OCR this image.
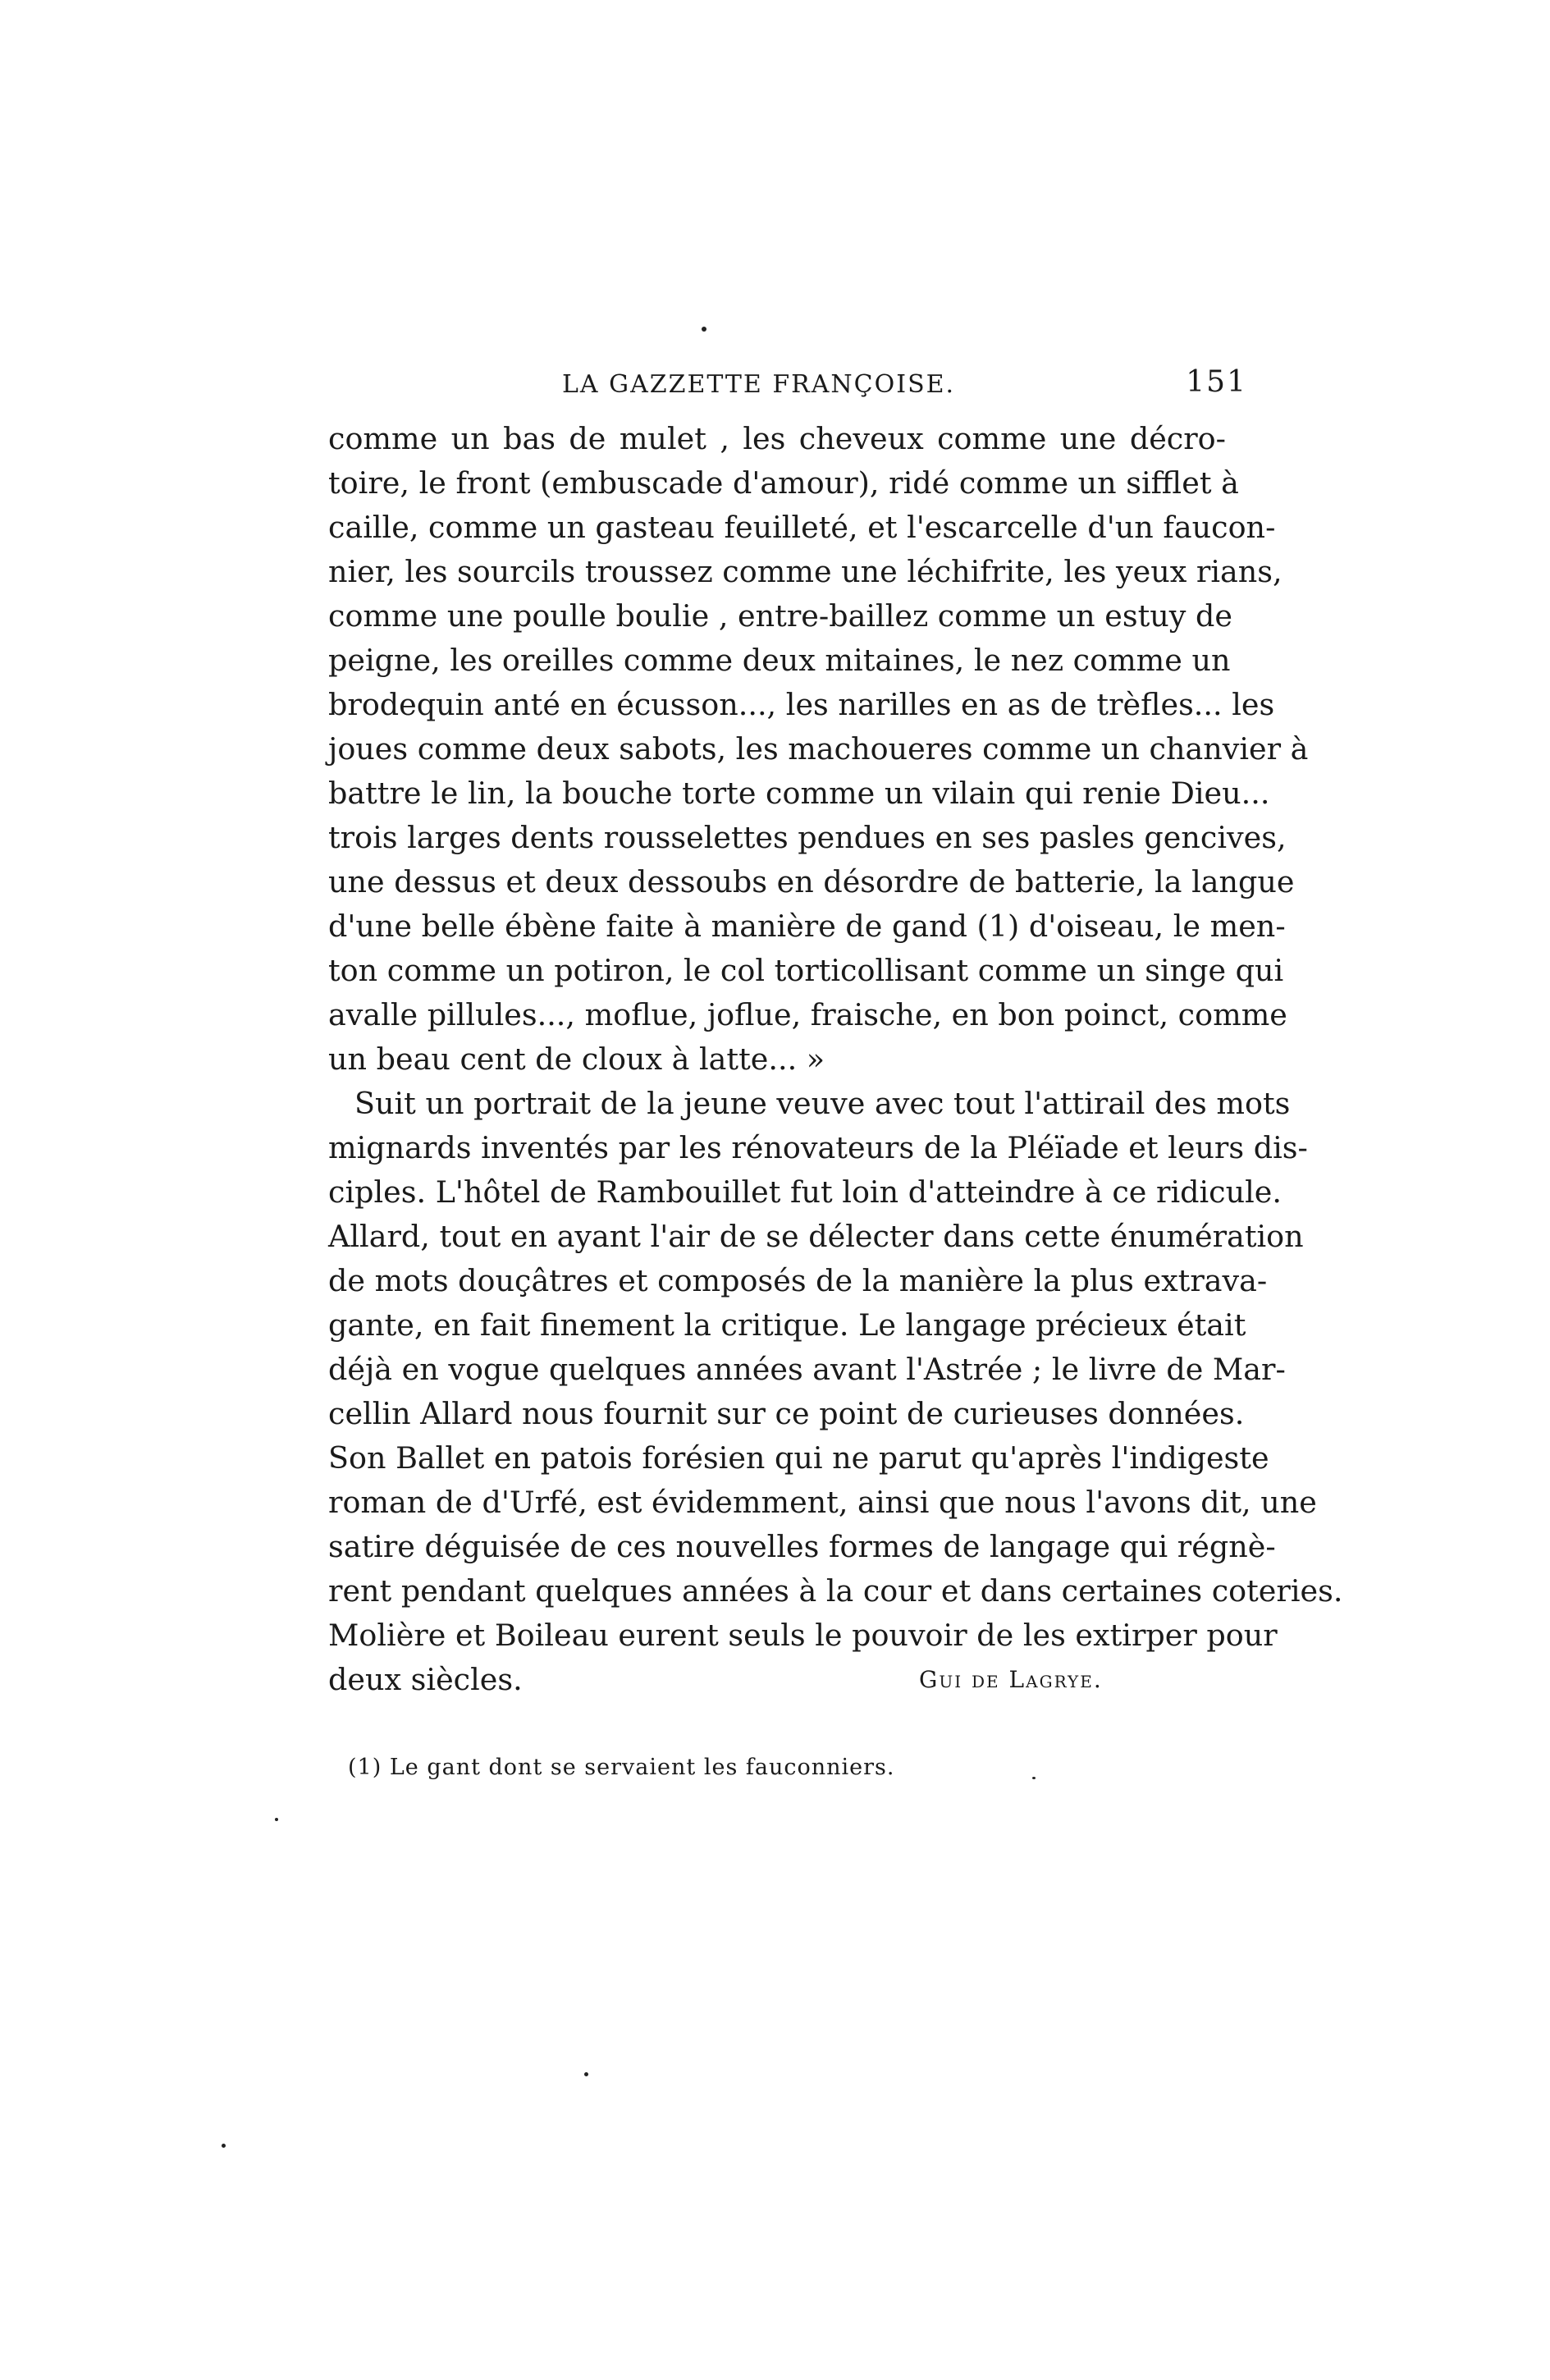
LA GAZZETTE FRANÇOISE.	151
comme un bas de mulet , les cheveux comme une décro-
toire, le front (embuscade d'amour), ridé comme un sifflet à
caille, comme un gasteau feuilleté, et l'escarcelle d'un faucon-
nier, les sourcils troussez comme une léchifrite, les yeux rians,
comme une poulle boulie , entre-baillez comme un estuy de
peigne, les oreilles comme deux mitaines, le nez comme un
brodequin anté en écusson..., les narilles en as de trèfles... les
joues comme deux sabots, les machoueres comme un chanvier à
battre le lin, la bouche torte comme un vilain qui renie Dieu...
trois larges dents rousselettes pendues en ses pasles gencives,
une dessus et deux dessoubs en désordre de batterie, la langue
d'une belle ébène faite à manière de gand (1) d'oiseau, le men-
ton comme un potiron, le col torticollisant comme un singe qui
avalle pillules..., moflue, joflue, fraische, en bon poinct, comme
un beau cent de cloux à latte... »
Suit un portrait de la jeune veuve avec tout l'attirail des mots
mignards inventés par les rénovateurs de la Pléïade et leurs dis-
ciples. L'hôtel de Rambouillet fut loin d'atteindre à ce ridicule.
Allard, tout en ayant l'air de se délecter dans cette énumération
de mots douçâtres et composés de la manière la plus extrava-
gante, en fait finement la critique. Le langage précieux était
déjà en vogue quelques années avant l'Astrée ; le livre de Mar-
cellin Allard nous fournit sur ce point de curieuses données.
Son Ballet en patois forésien qui ne parut qu'après l'indigeste
roman de d'Urfé, est évidemment, ainsi que nous l'avons dit, une
satire déguisée de ces nouvelles formes de langage qui régnè-
rent pendant quelques années à la cour et dans certaines coteries.
Molière et Boileau eurent seuls le pouvoir de les extirper pour
deux siècles.	Gui de Lagrye.
(1) Le gant dont se servaient les fauconniers.
